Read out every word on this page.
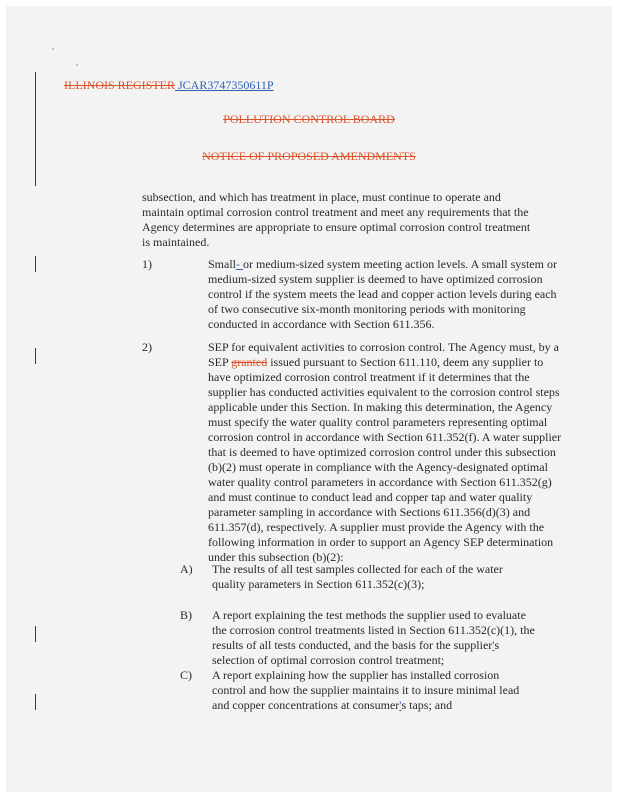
ILLINOIS REGISTER JCAR3747350611P
POLLUTION CONTROL BOARD
NOTICE OF PROPOSED AMENDMENTS
subsection, and which has treatment in place, must continue to operate and
maintain optimal corrosion control treatment and meet any requirements that the
Agency determines are appropriate to ensure optimal corrosion control treatment
is maintained.
1)	Small- or medium-sized system meeting action levels. A small system or
medium-sized system supplier is deemed to have optimized corrosion
control if the system meets the lead and copper action levels during each
of two consecutive six-month monitoring periods with monitoring
conducted in accordance with Section 611.356.
2)	SEP for equivalent activities to corrosion control. The Agency must, by a
SEP granted issued pursuant to Section 611.110, deem any supplier to
have optimized corrosion control treatment if it determines that the
supplier has conducted activities equivalent to the corrosion control steps
applicable under this Section. In making this determination, the Agency
must specify the water quality control parameters representing optimal
corrosion control in accordance with Section 611.352(f). A water supplier
that is deemed to have optimized corrosion control under this subsection
(b)(2) must operate in compliance with the Agency-designated optimal
water quality control parameters in accordance with Section 611.352(g)
and must continue to conduct lead and copper tap and water quality
parameter sampling in accordance with Sections 611.356(d)(3) and
611.357(d), respectively. A supplier must provide the Agency with the
following information in order to support an Agency SEP determination
under this subsection (b)(2):
A) The results of all test samples collected for each of the water
quality parameters in Section 611.352(c)(3);
B) A report explaining the test methods the supplier used to evaluate
the corrosion control treatments listed in Section 611.352(c)(1), the
results of all tests conducted, and the basis for the supplier's
selection of optimal corrosion control treatment;
C) A report explaining how the supplier has installed corrosion
control and how the supplier maintains it to insure minimal lead
and copper concentrations at consumer's taps; and
